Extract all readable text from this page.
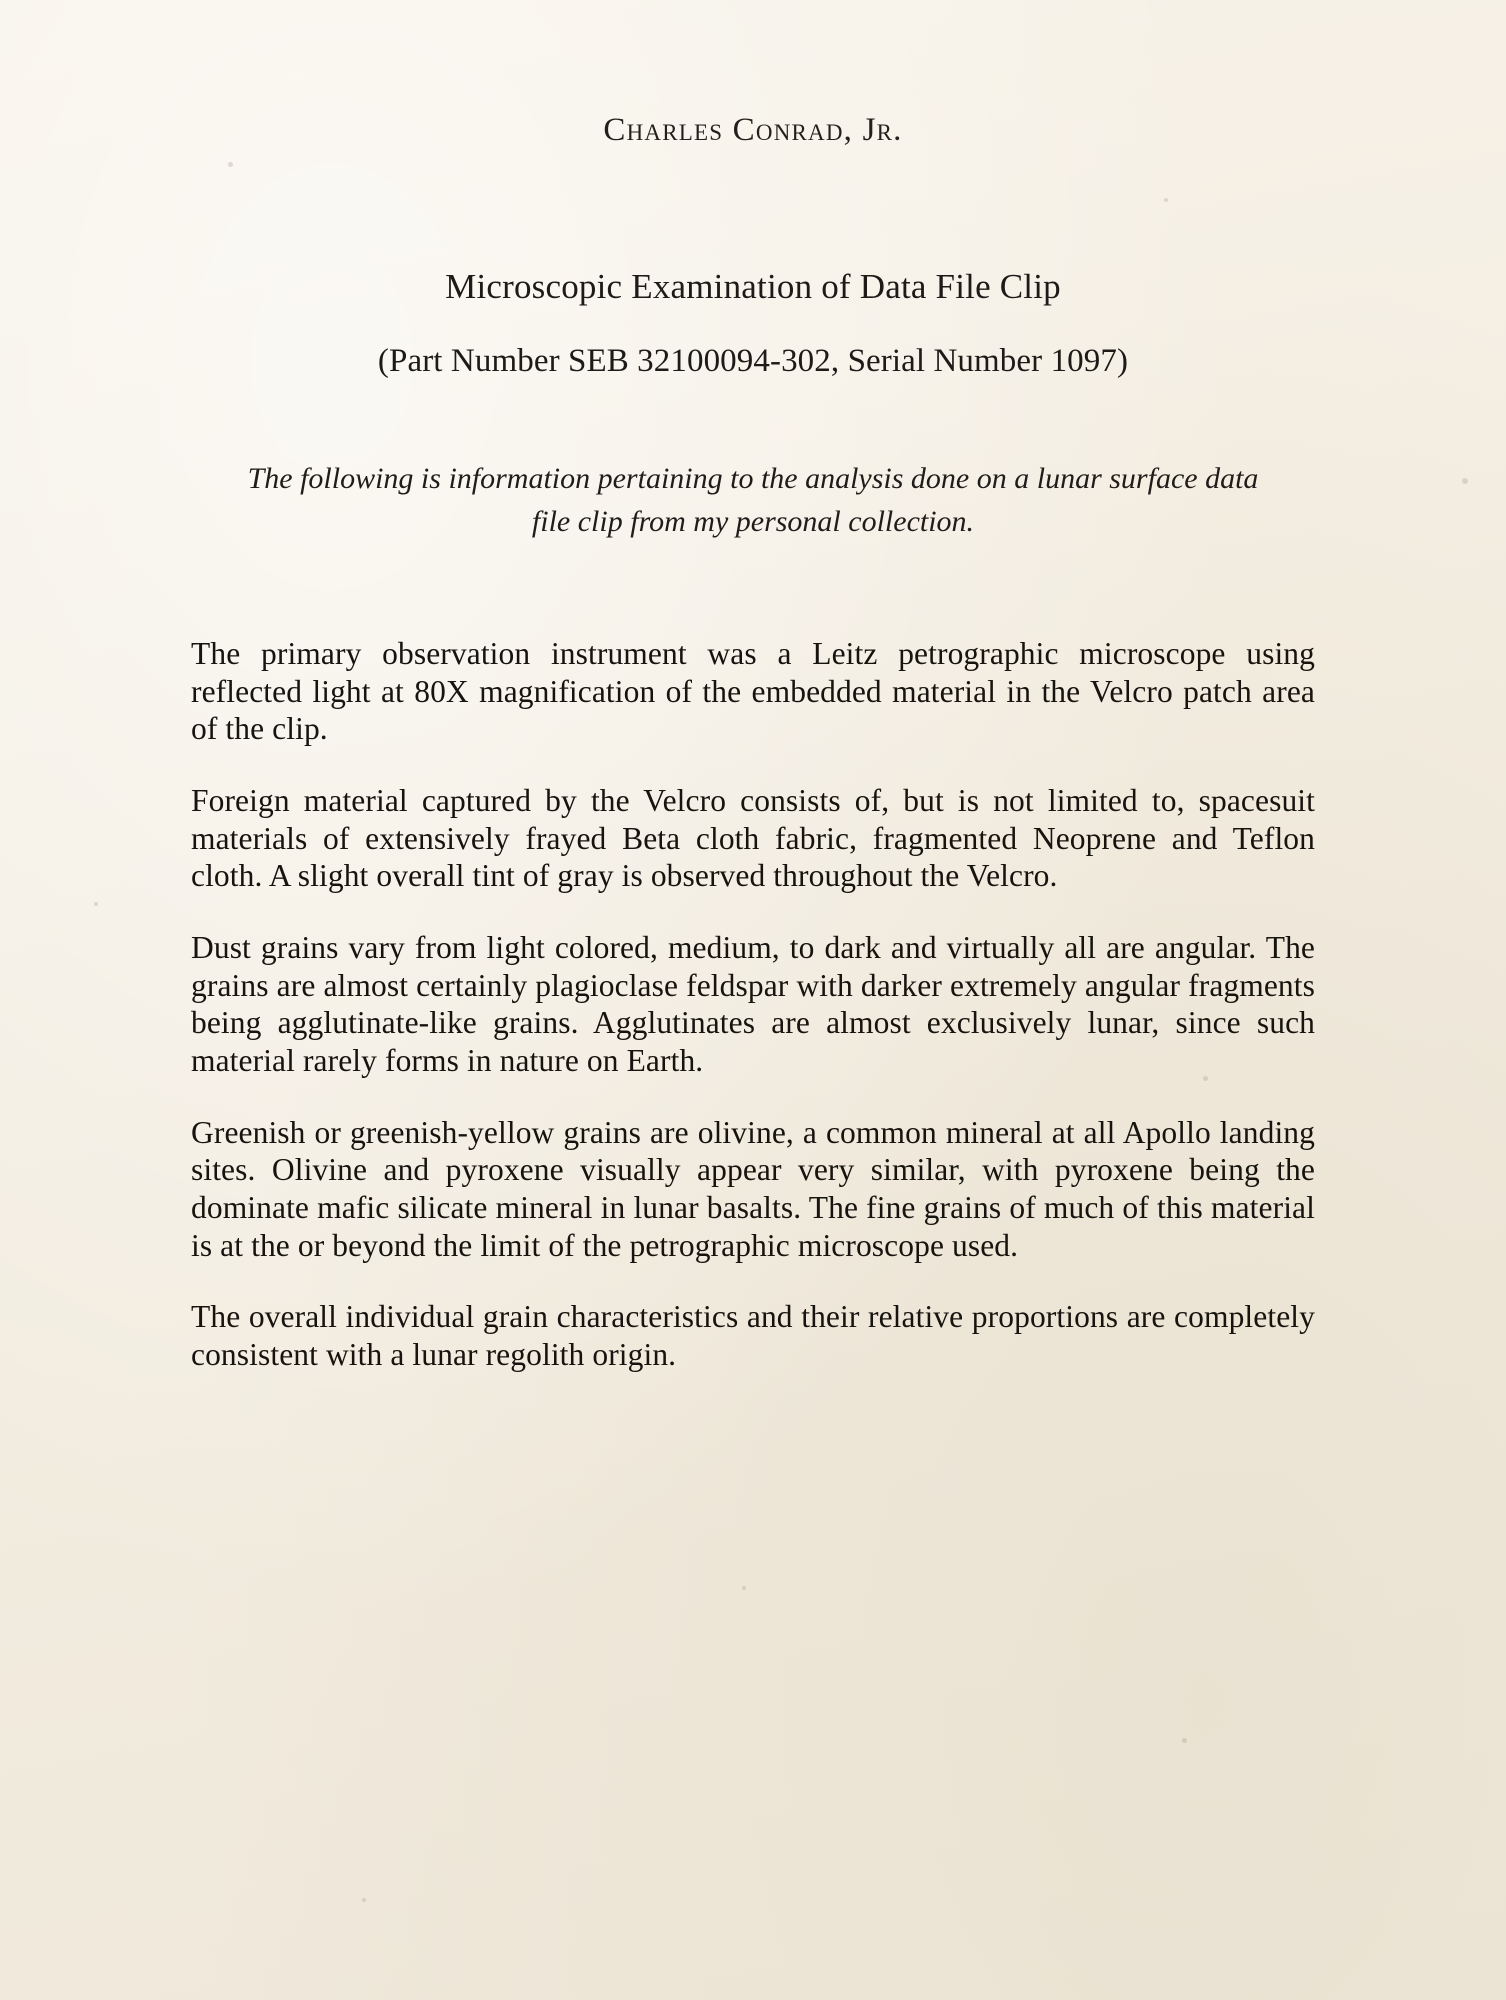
Charles Conrad, Jr.
Microscopic Examination of Data File Clip
(Part Number SEB 32100094-302, Serial Number 1097)
The following is information pertaining to the analysis done on a lunar surface data file clip from my personal collection.

The primary observation instrument was a Leitz petrographic microscope using reflected light at 80X magnification of the embedded material in the Velcro patch area of the clip.

Foreign material captured by the Velcro consists of, but is not limited to, spacesuit materials of extensively frayed Beta cloth fabric, fragmented Neoprene and Teflon cloth. A slight overall tint of gray is observed throughout the Velcro.

Dust grains vary from light colored, medium, to dark and virtually all are angular. The grains are almost certainly plagioclase feldspar with darker extremely angular fragments being agglutinate-like grains. Agglutinates are almost exclusively lunar, since such material rarely forms in nature on Earth.

Greenish or greenish-yellow grains are olivine, a common mineral at all Apollo landing sites. Olivine and pyroxene visually appear very similar, with pyroxene being the dominate mafic silicate mineral in lunar basalts. The fine grains of much of this material is at the or beyond the limit of the petrographic microscope used.

The overall individual grain characteristics and their relative proportions are completely consistent with a lunar regolith origin.
